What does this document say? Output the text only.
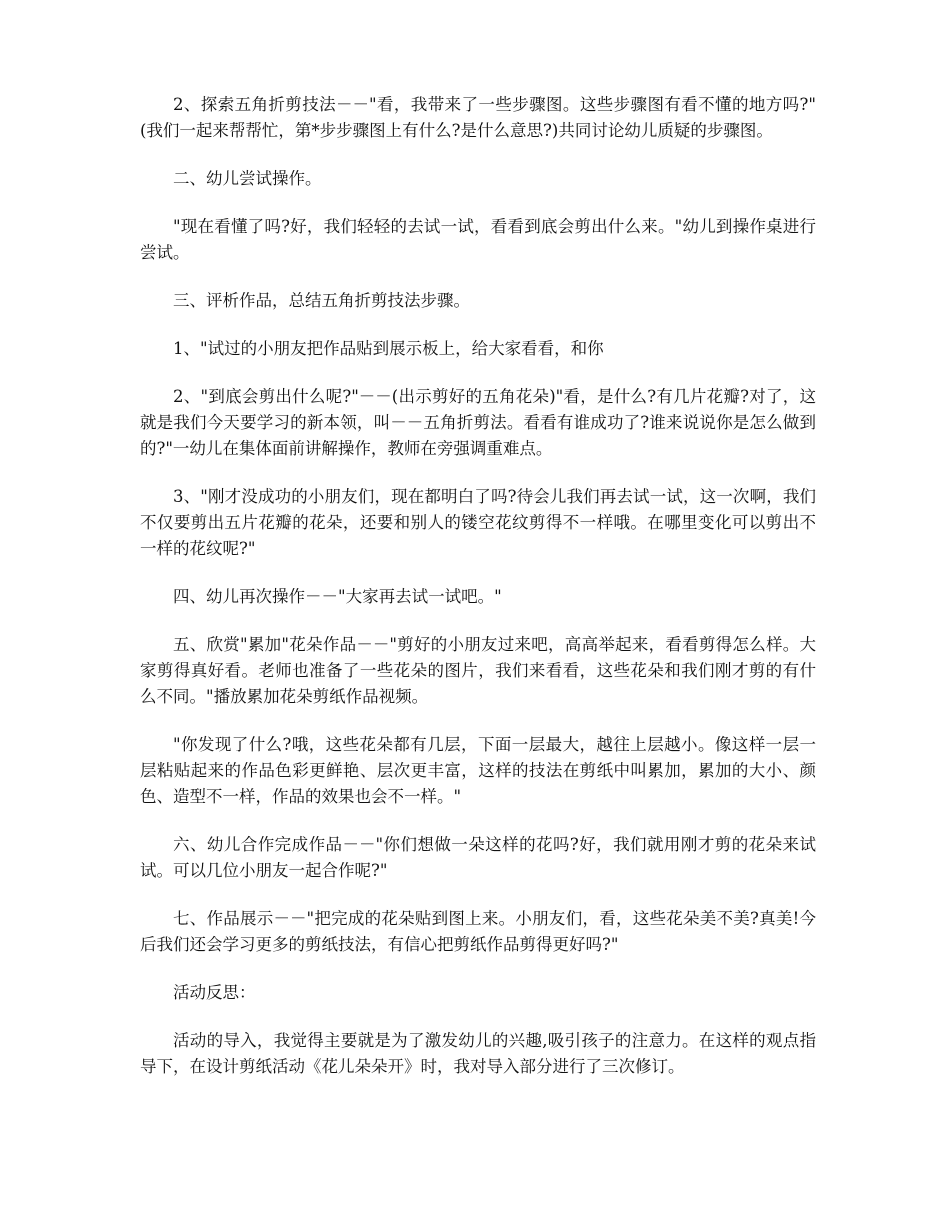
2、探索五角折剪技法－－"看，我带来了一些步骤图。这些步骤图有看不懂的地方吗?"(我们一起来帮帮忙，第*步步骤图上有什么?是什么意思?)共同讨论幼儿质疑的步骤图。

二、幼儿尝试操作。

"现在看懂了吗?好，我们轻轻的去试一试，看看到底会剪出什么来。"幼儿到操作桌进行尝试。

三、评析作品，总结五角折剪技法步骤。

1、"试过的小朋友把作品贴到展示板上，给大家看看，和你

2、"到底会剪出什么呢?"－－(出示剪好的五角花朵)"看，是什么?有几片花瓣?对了，这就是我们今天要学习的新本领，叫－－五角折剪法。看看有谁成功了?谁来说说你是怎么做到的?"一幼儿在集体面前讲解操作，教师在旁强调重难点。

3、"刚才没成功的小朋友们，现在都明白了吗?待会儿我们再去试一试，这一次啊，我们不仅要剪出五片花瓣的花朵，还要和别人的镂空花纹剪得不一样哦。在哪里变化可以剪出不一样的花纹呢?"

四、幼儿再次操作－－"大家再去试一试吧。"

五、欣赏"累加"花朵作品－－"剪好的小朋友过来吧，高高举起来，看看剪得怎么样。大家剪得真好看。老师也准备了一些花朵的图片，我们来看看，这些花朵和我们刚才剪的有什么不同。"播放累加花朵剪纸作品视频。

"你发现了什么?哦，这些花朵都有几层，下面一层最大，越往上层越小。像这样一层一层粘贴起来的作品色彩更鲜艳、层次更丰富，这样的技法在剪纸中叫累加，累加的大小、颜色、造型不一样，作品的效果也会不一样。"

六、幼儿合作完成作品－－"你们想做一朵这样的花吗?好，我们就用刚才剪的花朵来试试。可以几位小朋友一起合作呢?"

七、作品展示－－"把完成的花朵贴到图上来。小朋友们，看，这些花朵美不美?真美!今后我们还会学习更多的剪纸技法，有信心把剪纸作品剪得更好吗?"

活动反思：

活动的导入，我觉得主要就是为了激发幼儿的兴趣,吸引孩子的注意力。在这样的观点指导下，在设计剪纸活动《花儿朵朵开》时，我对导入部分进行了三次修订。
